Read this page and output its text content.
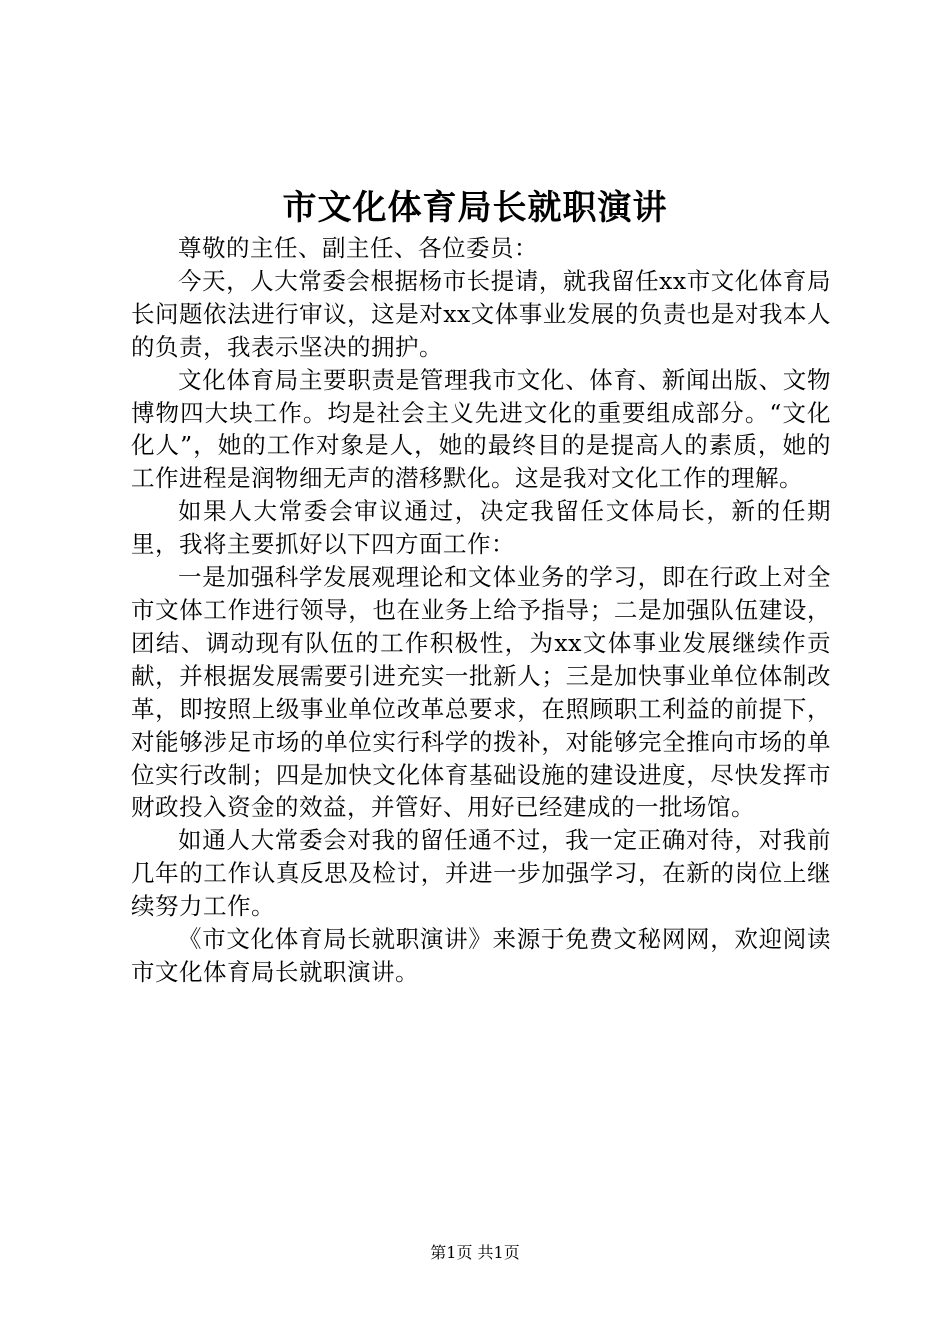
市文化体育局长就职演讲

尊敬的主任、副主任、各位委员：

今天，人大常委会根据杨市长提请，就我留任xx市文化体育局长问题依法进行审议，这是对xx文体事业发展的负责也是对我本人的负责，我表示坚决的拥护。

文化体育局主要职责是管理我市文化、体育、新闻出版、文物博物四大块工作。均是社会主义先进文化的重要组成部分。“文化化人”，她的工作对象是人，她的最终目的是提高人的素质，她的工作进程是润物细无声的潜移默化。这是我对文化工作的理解。

如果人大常委会审议通过，决定我留任文体局长，新的任期里，我将主要抓好以下四方面工作：

一是加强科学发展观理论和文体业务的学习，即在行政上对全市文体工作进行领导，也在业务上给予指导；二是加强队伍建设，团结、调动现有队伍的工作积极性，为xx文体事业发展继续作贡献，并根据发展需要引进充实一批新人；三是加快事业单位体制改革，即按照上级事业单位改革总要求，在照顾职工利益的前提下，对能够涉足市场的单位实行科学的拨补，对能够完全推向市场的单位实行改制；四是加快文化体育基础设施的建设进度，尽快发挥市财政投入资金的效益，并管好、用好已经建成的一批场馆。

如通人大常委会对我的留任通不过，我一定正确对待，对我前几年的工作认真反思及检讨，并进一步加强学习，在新的岗位上继续努力工作。

《市文化体育局长就职演讲》来源于免费文秘网网，欢迎阅读市文化体育局长就职演讲。

第1页 共1页
